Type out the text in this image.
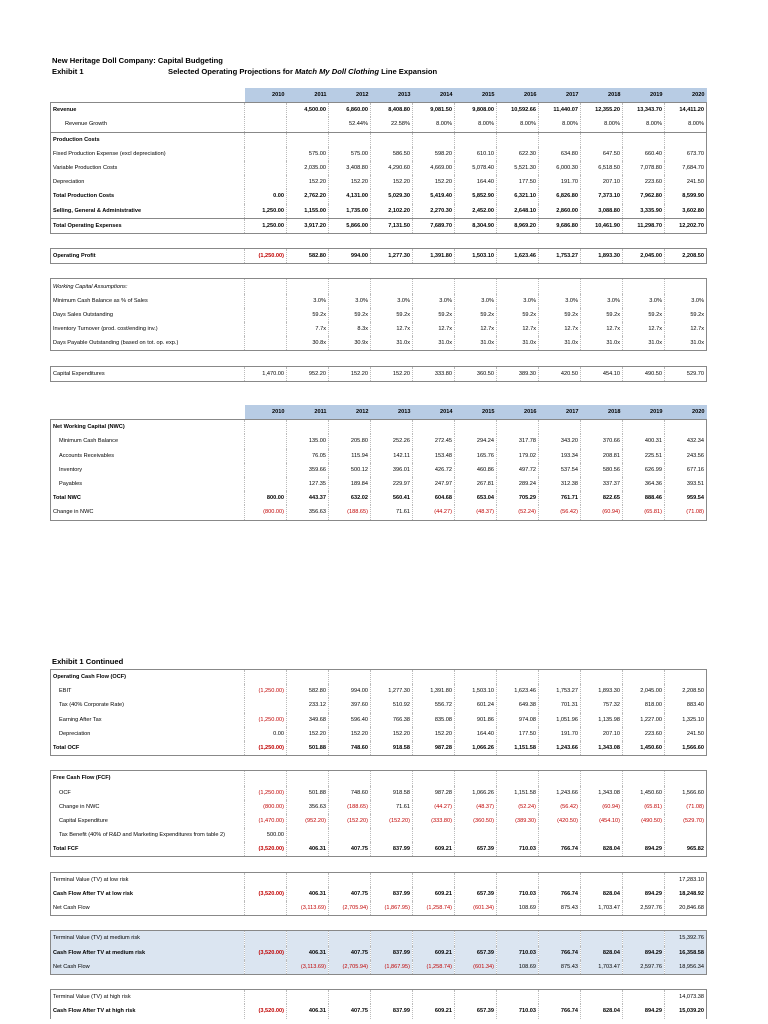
New Heritage Doll Company: Capital Budgeting
Exhibit 1	Selected Operating Projections for Match My Doll Clothing Line Expansion
	2010	2011	2012	2013	2014	2015	2016	2017	2018	2019	2020
Revenue		4,500.00	6,860.00	8,408.80	9,081.50	9,808.00	10,592.66	11,440.07	12,355.20	13,343.70	14,411.20
Revenue Growth			52.44%	22.58%	8.00%	8.00%	8.00%	8.00%	8.00%	8.00%	8.00%
Production Costs											
Fixed Production Expense (excl depreciation)		575.00	575.00	586.50	598.20	610.10	622.30	634.80	647.50	660.40	673.70
Variable Production Costs		2,035.00	3,408.80	4,290.60	4,669.00	5,078.40	5,521.30	6,000.30	6,518.50	7,078.80	7,684.70
Depreciation		152.20	152.20	152.20	152.20	164.40	177.50	191.70	207.10	223.60	241.50
Total Production Costs	0.00	2,762.20	4,131.00	5,029.30	5,419.40	5,852.90	6,321.10	6,826.80	7,373.10	7,962.80	8,599.90
Selling, General & Administrative	1,250.00	1,155.00	1,735.00	2,102.20	2,270.30	2,452.00	2,648.10	2,860.00	3,088.80	3,335.90	3,602.80
Total Operating Expenses	1,250.00	3,917.20	5,866.00	7,131.50	7,689.70	8,304.90	8,969.20	9,686.80	10,461.90	11,298.70	12,202.70

Operating Profit	(1,250.00)	582.80	994.00	1,277.30	1,391.80	1,503.10	1,623.46	1,753.27	1,893.30	2,045.00	2,208.50

Working Capital Assumptions:											
Minimum Cash Balance as % of Sales		3.0%	3.0%	3.0%	3.0%	3.0%	3.0%	3.0%	3.0%	3.0%	3.0%
Days Sales Outstanding		59.2x	59.2x	59.2x	59.2x	59.2x	59.2x	59.2x	59.2x	59.2x	59.2x
Inventory Turnover (prod. cost/ending inv.)		7.7x	8.3x	12.7x	12.7x	12.7x	12.7x	12.7x	12.7x	12.7x	12.7x
Days Payable Outstanding (based on tot. op. exp.)		30.8x	30.9x	31.0x	31.0x	31.0x	31.0x	31.0x	31.0x	31.0x	31.0x

Capital Expenditures	1,470.00	952.20	152.20	152.20	333.80	360.50	389.30	420.50	454.10	490.50	529.70
	2010	2011	2012	2013	2014	2015	2016	2017	2018	2019	2020
Net Working Capital (NWC)											
Minimum Cash Balance		135.00	205.80	252.26	272.45	294.24	317.78	343.20	370.66	400.31	432.34
Accounts Receivables		76.05	115.94	142.11	153.48	165.76	179.02	193.34	208.81	225.51	243.56
Inventory		359.66	500.12	396.01	426.72	460.86	497.72	537.54	580.56	626.99	677.16
Payables		127.35	189.84	229.97	247.97	267.81	289.24	312.38	337.37	364.36	393.51
Total NWC	800.00	443.37	632.02	560.41	604.68	653.04	705.29	761.71	822.65	888.46	959.54
Change in NWC	(800.00)	356.63	(188.65)	71.61	(44.27)	(48.37)	(52.24)	(56.42)	(60.94)	(65.81)	(71.08)
Exhibit 1 Continued
Operating Cash Flow (OCF)											
EBIT	(1,250.00)	582.80	994.00	1,277.30	1,391.80	1,503.10	1,623.46	1,753.27	1,893.30	2,045.00	2,208.50
Tax (40% Corporate Rate)		233.12	397.60	510.92	556.72	601.24	649.38	701.31	757.32	818.00	883.40
Earning After Tax	(1,250.00)	349.68	596.40	766.38	835.08	901.86	974.08	1,051.96	1,135.98	1,227.00	1,325.10
Depreciation	0.00	152.20	152.20	152.20	152.20	164.40	177.50	191.70	207.10	223.60	241.50
Total OCF	(1,250.00)	501.88	748.60	918.58	987.28	1,066.26	1,151.58	1,243.66	1,343.08	1,450.60	1,566.60

Free Cash Flow (FCF)											
OCF	(1,250.00)	501.88	748.60	918.58	987.28	1,066.26	1,151.58	1,243.66	1,343.08	1,450.60	1,566.60
Change in NWC	(800.00)	356.63	(188.65)	71.61	(44.27)	(48.37)	(52.24)	(56.42)	(60.94)	(65.81)	(71.08)
Capital Expenditure	(1,470.00)	(952.20)	(152.20)	(152.20)	(333.80)	(360.50)	(389.30)	(420.50)	(454.10)	(490.50)	(529.70)
Tax Benefit (40% of R&D and Marketing Expenditures from table 2)	500.00										
Total FCF	(3,520.00)	406.31	407.75	837.99	609.21	657.39	710.03	766.74	828.04	894.29	965.82

Terminal Value (TV) at low risk											17,283.10
Cash Flow After TV at low risk	(3,520.00)	406.31	407.75	837.99	609.21	657.39	710.03	766.74	828.04	894.29	18,248.92
Net Cash Flow		(3,113.69)	(2,705.94)	(1,867.95)	(1,258.74)	(601.34)	108.69	875.43	1,703.47	2,597.76	20,846.68

Terminal Value (TV) at medium risk											15,392.76
Cash Flow After TV at medium risk	(3,520.00)	406.31	407.75	837.99	609.21	657.39	710.03	766.74	828.04	894.29	16,358.58
Net Cash Flow		(3,113.69)	(2,705.94)	(1,867.95)	(1,258.74)	(601.34)	108.69	875.43	1,703.47	2,597.76	18,956.34

Terminal Value (TV) at high risk											14,073.38
Cash Flow After TV at high risk	(3,520.00)	406.31	407.75	837.99	609.21	657.39	710.03	766.74	828.04	894.29	15,039.20
